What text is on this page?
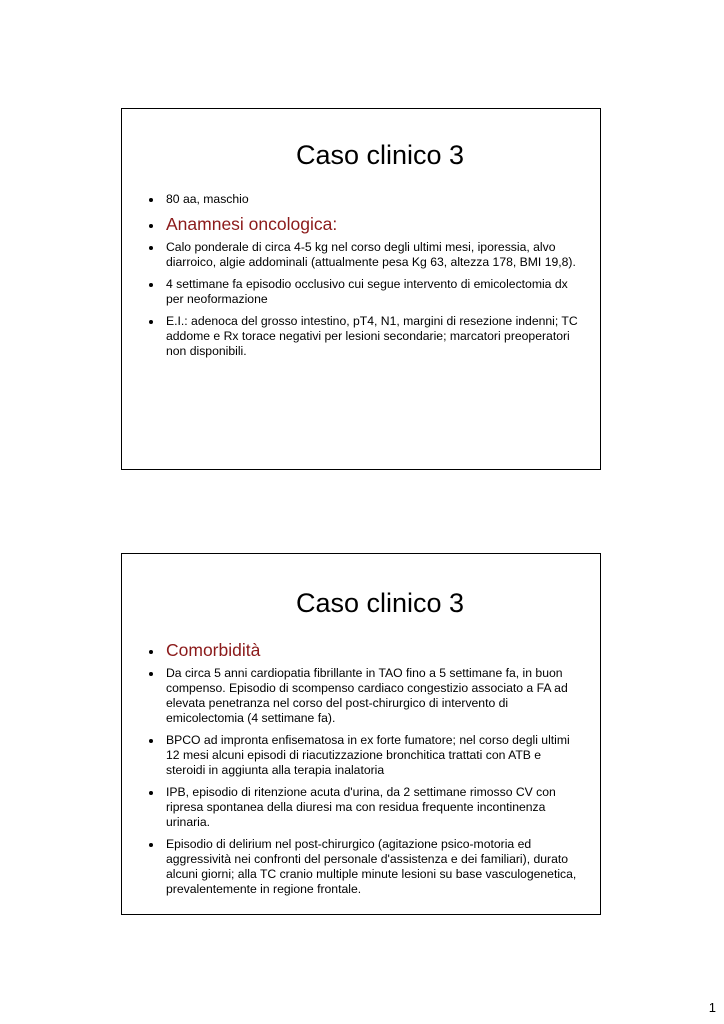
Caso clinico 3
80 aa, maschio
Anamnesi oncologica:
Calo ponderale di circa 4-5 kg nel corso degli ultimi mesi, iporessia, alvo diarroico, algie addominali (attualmente pesa Kg 63, altezza 178, BMI 19,8).
4 settimane fa episodio occlusivo cui segue intervento di emicolectomia dx per neoformazione
E.I.: adenoca del grosso intestino, pT4, N1, margini di resezione indenni; TC addome e Rx torace negativi per lesioni secondarie; marcatori preoperatori non disponibili.
Caso clinico 3
Comorbidità
Da circa 5 anni cardiopatia fibrillante in TAO fino a 5 settimane fa, in buon compenso. Episodio di scompenso cardiaco congestizio associato a FA ad elevata penetranza nel corso del post-chirurgico di intervento di emicolectomia (4 settimane fa).
BPCO ad impronta enfisematosa in ex forte fumatore; nel corso degli ultimi 12 mesi alcuni episodi di riacutizzazione bronchitica trattati con ATB e steroidi in aggiunta alla terapia inalatoria
IPB, episodio di ritenzione acuta d'urina, da 2 settimane rimosso CV con ripresa spontanea della diuresi ma con residua frequente incontinenza urinaria.
Episodio di delirium nel post-chirurgico (agitazione psico-motoria ed aggressività nei confronti del personale d'assistenza e dei familiari), durato alcuni giorni; alla TC cranio multiple minute lesioni su base vasculogenetica, prevalentemente in regione frontale.
1
